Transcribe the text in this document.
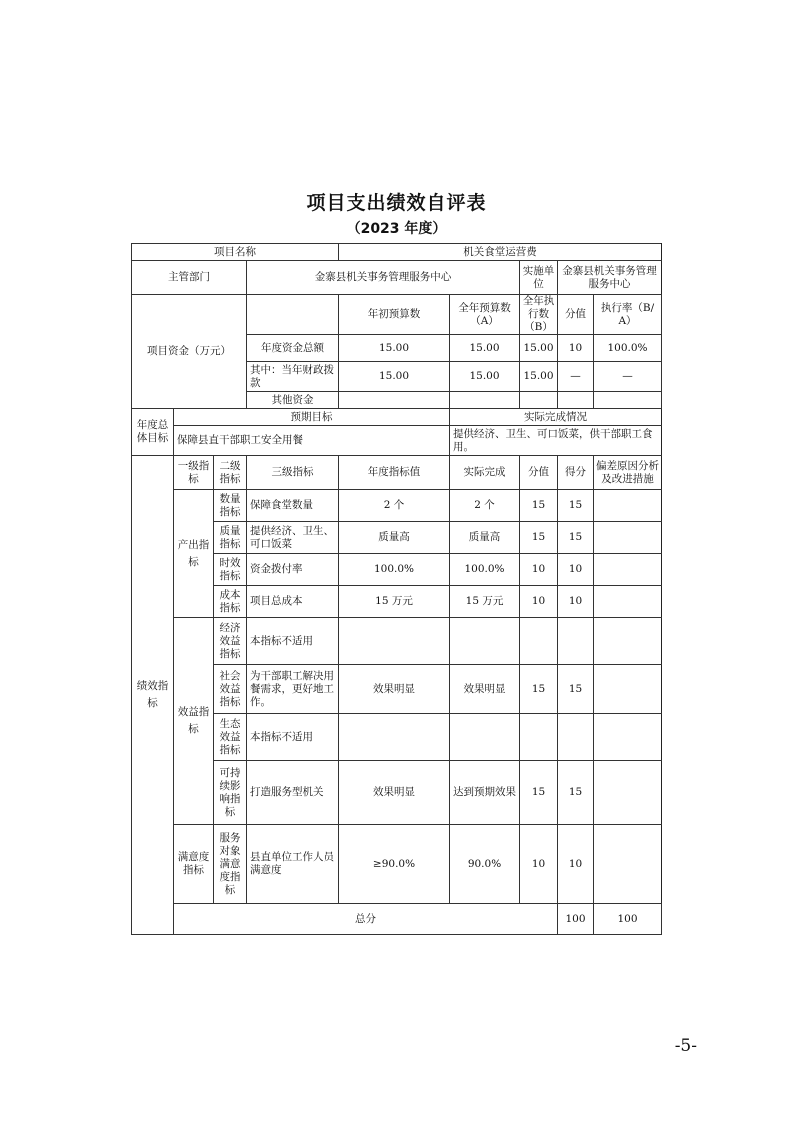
项目支出绩效自评表
（2023 年度）
项目名称				机关食堂运营费					
主管部门			金寨县机关事务管理服务中心			实施单位	金寨县机关事务管理服务中心		
项目资金（万元）				年初预算数	全年预算数（A）	全年执行数（B）	分值	执行率（B/A）	
			年度资金总额	15.00	15.00	15.00	10	100.0%	
			其中：当年财政拨款	15.00	15.00	15.00	—	—	
			其他资金						
年度总体目标	预期目标				实际完成情况				
	保障县直干部职工安全用餐				提供经济、卫生、可口饭菜，供干部职工食用。				
绩效指标	一级指标	二级指标	三级指标	年度指标值	实际完成	分值	得分	偏差原因分析及改进措施	
	产出指标	数量指标	保障食堂数量	2 个	2 个	15	15		
		质量指标	提供经济、卫生、可口饭菜	质量高	质量高	15	15		
		时效指标	资金拨付率	100.0%	100.0%	10	10		
		成本指标	项目总成本	15 万元	15 万元	10	10		
	效益指标	经济效益指标	本指标不适用						
		社会效益指标	为干部职工解决用餐需求，更好地工作。	效果明显	效果明显	15	15		
		生态效益指标	本指标不适用						
		可持续影响指标	打造服务型机关	效果明显	达到预期效果	15	15		
	满意度指标	服务对象满意度指标	县直单位工作人员满意度	≥90.0%	90.0%	10	10		
	总分						100	100	
-5-
